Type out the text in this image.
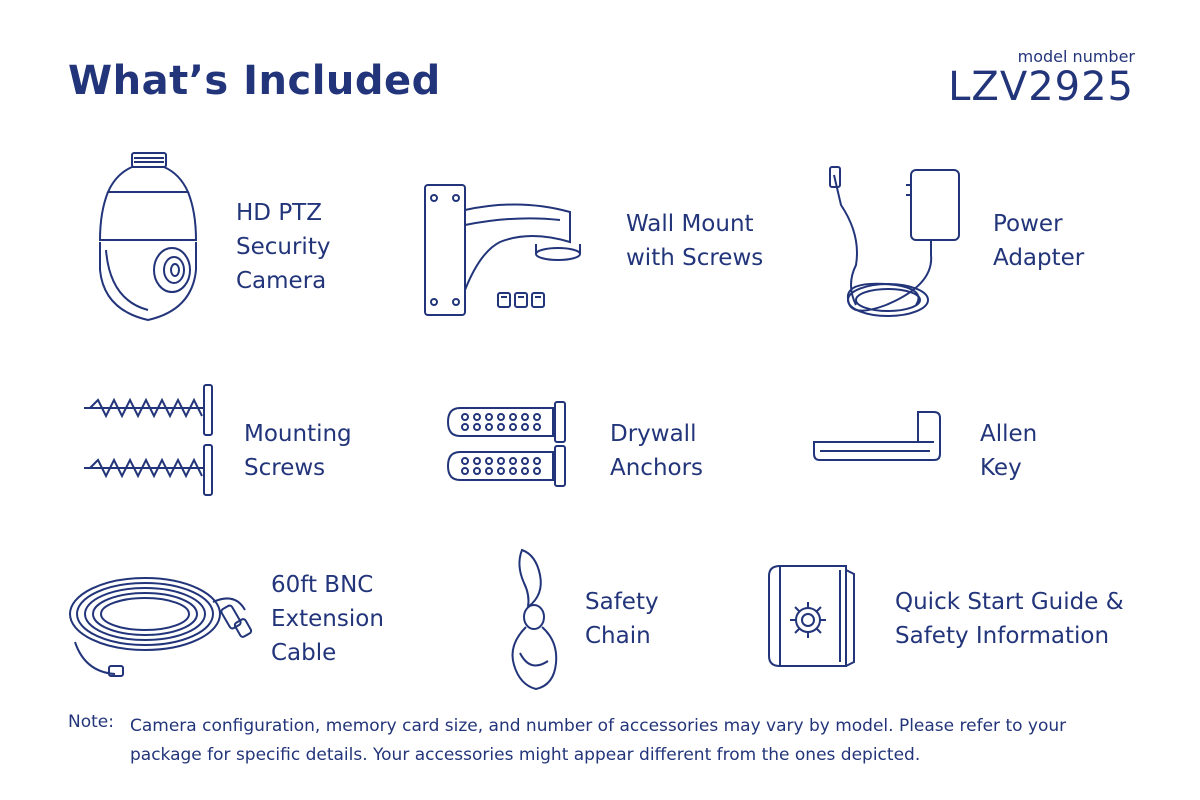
What’s Included
model number
LZV2925
HD PTZ
Security
Camera
Wall Mount
with Screws
Power
Adapter
Mounting
Screws
Drywall
Anchors
Allen
Key
60ft BNC
Extension
Cable
Safety
Chain
Quick Start Guide &
Safety Information
Note: Camera configuration, memory card size, and number of accessories may vary by model. Please refer to your package for specific details. Your accessories might appear different from the ones depicted.
